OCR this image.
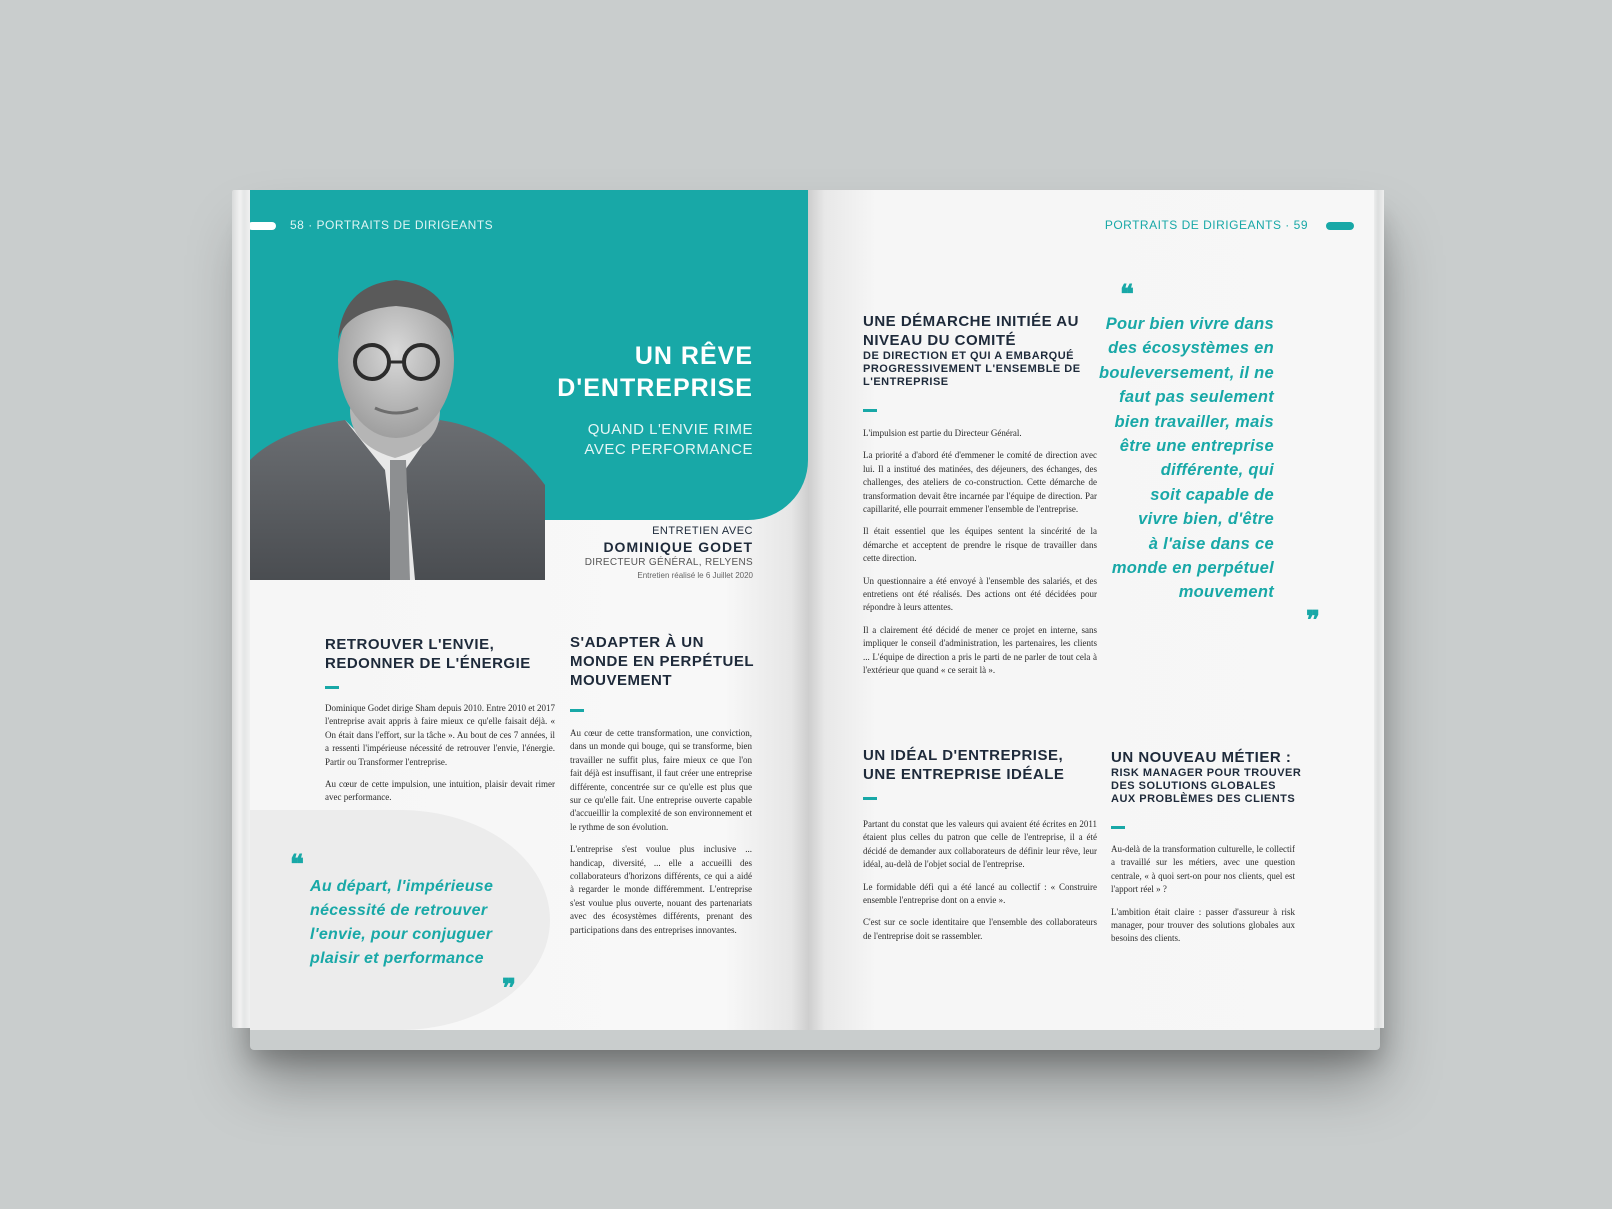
58 · PORTRAITS DE DIRIGEANTS
UN RÊVE
D'ENTREPRISE
QUAND L'ENVIE RIME
AVEC PERFORMANCE
ENTRETIEN AVEC
DOMINIQUE GODET
DIRECTEUR GÉNÉRAL, RELYENS
Entretien réalisé le 6 Juillet 2020
RETROUVER L'ENVIE,
REDONNER DE L'ÉNERGIE

Dominique Godet dirige Sham depuis 2010. Entre 2010 et 2017 l'entreprise avait appris à faire mieux ce qu'elle faisait déjà. « On était dans l'effort, sur la tâche ». Au bout de ces 7 années, il a ressenti l'impérieuse nécessité de retrouver l'envie, l'énergie. Partir ou Transformer l'entreprise.

Au cœur de cette impulsion, une intuition, plaisir devait rimer avec performance.

S'ADAPTER À UN
MONDE EN PERPÉTUEL
MOUVEMENT

Au cœur de cette transformation, une conviction, dans un monde qui bouge, qui se transforme, bien travailler ne suffit plus, faire mieux ce que l'on fait déjà est insuffisant, il faut créer une entreprise différente, concentrée sur ce qu'elle est plus que sur ce qu'elle fait. Une entreprise ouverte capable d'accueillir la complexité de son environnement et le rythme de son évolution.

L'entreprise s'est voulue plus inclusive ... handicap, diversité, ... elle a accueilli des collaborateurs d'horizons différents, ce qui a aidé à regarder le monde différemment. L'entreprise s'est voulue plus ouverte, nouant des partenariats avec des écosystèmes différents, prenant des participations dans des entreprises innovantes.

❝
Au départ, l'impérieuse
nécessité de retrouver
l'envie, pour conjuguer
plaisir et performance
❞
PORTRAITS DE DIRIGEANTS · 59
UNE DÉMARCHE INITIÉE AU
NIVEAU DU COMITÉ
DE DIRECTION ET QUI A EMBARQUÉ
PROGRESSIVEMENT L'ENSEMBLE DE
L'ENTREPRISE

L'impulsion est partie du Directeur Général.

La priorité a d'abord été d'emmener le comité de direction avec lui. Il a institué des matinées, des déjeuners, des échanges, des challenges, des ateliers de co-construction. Cette démarche de transformation devait être incarnée par l'équipe de direction. Par capillarité, elle pourrait emmener l'ensemble de l'entreprise.

Il était essentiel que les équipes sentent la sincérité de la démarche et acceptent de prendre le risque de travailler dans cette direction.

Un questionnaire a été envoyé à l'ensemble des salariés, et des entretiens ont été réalisés. Des actions ont été décidées pour répondre à leurs attentes.

Il a clairement été décidé de mener ce projet en interne, sans impliquer le conseil d'administration, les partenaires, les clients ... L'équipe de direction a pris le parti de ne parler de tout cela à l'extérieur que quand « ce serait là ».

❝
Pour bien vivre dans
des écosystèmes en
bouleversement, il ne
faut pas seulement
bien travailler, mais
être une entreprise
différente, qui
soit capable de
vivre bien, d'être
à l'aise dans ce
monde en perpétuel
mouvement
❞
UN IDÉAL D'ENTREPRISE,
UNE ENTREPRISE IDÉALE

Partant du constat que les valeurs qui avaient été écrites en 2011 étaient plus celles du patron que celle de l'entreprise, il a été décidé de demander aux collaborateurs de définir leur rêve, leur idéal, au-delà de l'objet social de l'entreprise.

Le formidable défi qui a été lancé au collectif : « Construire ensemble l'entreprise dont on a envie ».

C'est sur ce socle identitaire que l'ensemble des collaborateurs de l'entreprise doit se rassembler.

UN NOUVEAU MÉTIER :
RISK MANAGER POUR TROUVER
DES SOLUTIONS GLOBALES
AUX PROBLÈMES DES CLIENTS

Au-delà de la transformation culturelle, le collectif a travaillé sur les métiers, avec une question centrale, « à quoi sert-on pour nos clients, quel est l'apport réel » ?

L'ambition était claire : passer d'assureur à risk manager, pour trouver des solutions globales aux besoins des clients.
